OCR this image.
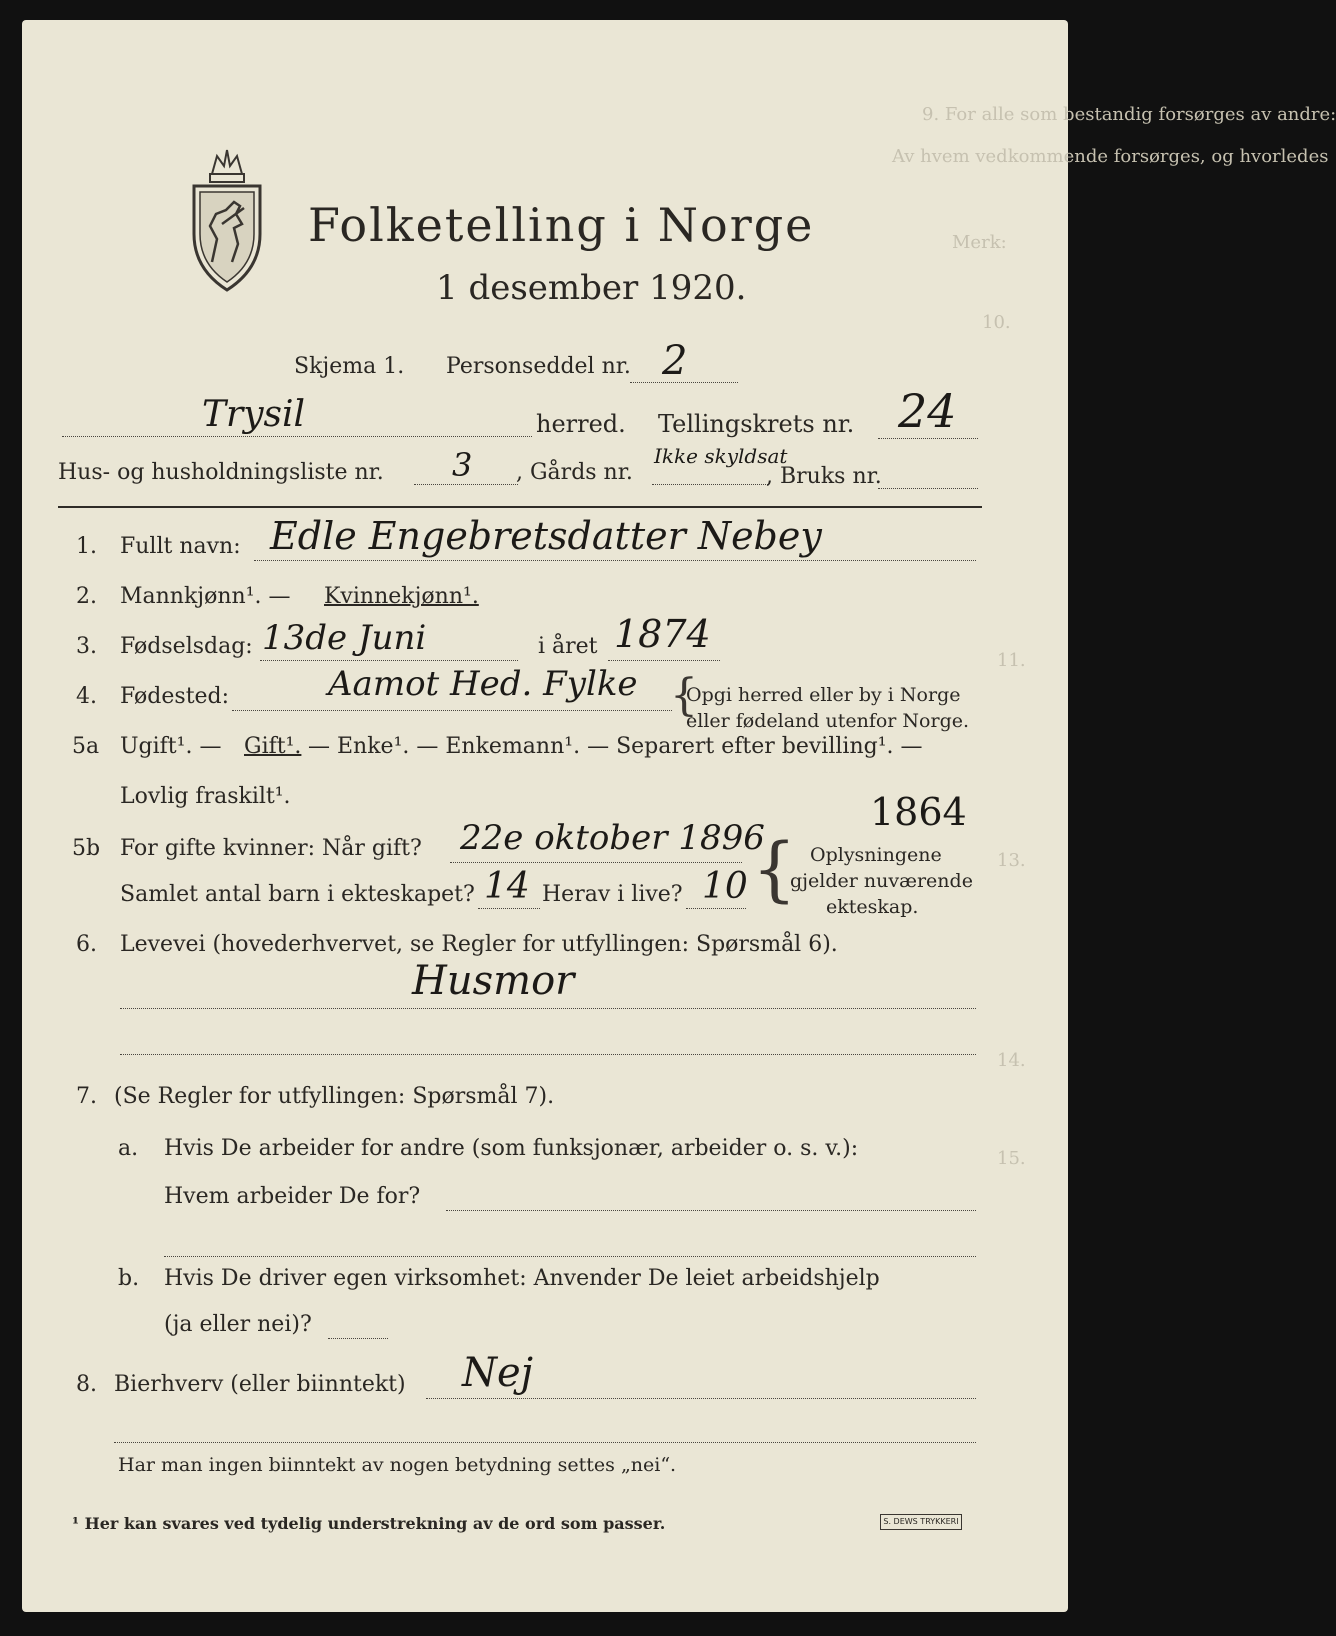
9. For alle som bestandig forsørges av andre:
Av hvem vedkommende forsørges, og hvorledes
Merk:
10.
11.
13.
14.
15.
Folketelling i Norge
1 desember 1920.
Skjema 1. Personseddel nr. 2
Trysil	herred. Tellingskrets nr. 24
Hus- og husholdningsliste nr. 3 , Gårds nr.
Ikke skyldsat
, Bruks nr.
1. Fullt navn: Edle Engebretsdatter Nebey
2. Mannkjønn¹. — Kvinnekjønn¹.
3. Fødselsdag: 13de Juni	i året 1874
4. Fødested:	Aamot Hed. Fylke {
Opgi herred eller by i Norge
eller fødeland utenfor Norge.
5a Ugift¹. — Gift¹. — Enke¹. — Enkemann¹. — Separert efter bevilling¹. —
Lovlig fraskilt¹.	1864
5b For gifte kvinner: Når gift? 22e oktober 1896
Samlet antal barn i ekteskapet? 14 Herav i live? 10 { Oplysningene
gjelder nuværende
ekteskap.
6. Levevei (hovederhvervet, se Regler for utfyllingen: Spørsmål 6).
Husmor
7. (Se Regler for utfyllingen: Spørsmål 7).
a. Hvis De arbeider for andre (som funksjonær, arbeider o. s. v.):
Hvem arbeider De for?
b. Hvis De driver egen virksomhet: Anvender De leiet arbeidshjelp
(ja eller nei)?
8. Bierhverv (eller biinntekt) Nej
Har man ingen biinntekt av nogen betydning settes „nei“.
¹ Her kan svares ved tydelig understrekning av de ord som passer.	S. DEWS TRYKKERI
